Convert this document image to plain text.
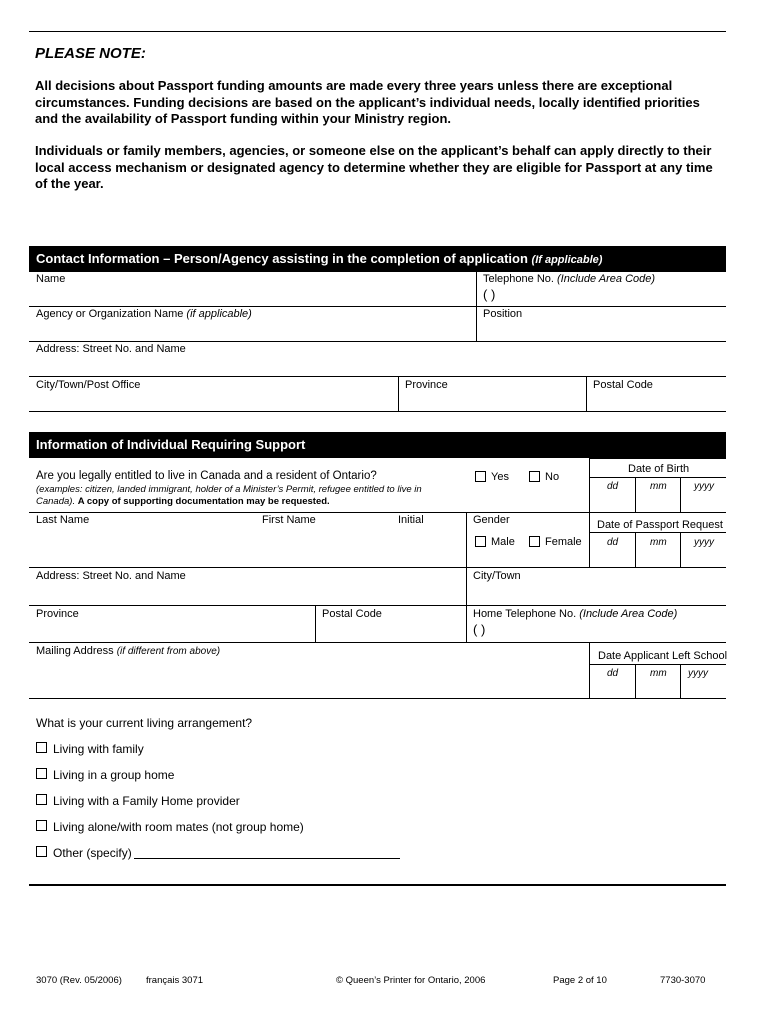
PLEASE NOTE:
All decisions about Passport funding amounts are made every three years unless there are exceptional circumstances. Funding decisions are based on the applicant’s individual needs, locally identified priorities and the availability of Passport funding within your Ministry region.
Individuals or family members, agencies, or someone else on the applicant’s behalf can apply directly to their local access mechanism or designated agency to determine whether they are eligible for Passport at any time of the year.
Contact Information – Person/Agency assisting in the completion of application (If applicable)
Name	Telephone No. (Include Area Code)
( )
Agency or Organization Name (if applicable)	Position
Address: Street No. and Name
City/Town/Post Office	Province	Postal Code
Information of Individual Requiring Support
Are you legally entitled to live in Canada and a resident of Ontario?
(examples: citizen, landed immigrant, holder of a Minister’s Permit, refugee entitled to live in Canada). A copy of supporting documentation may be requested.
Yes	No
Date of Birth
dd	mm	yyyy
Last Name	First Name	Initial	Gender
Male	Female
Date of Passport Request
dd	mm	yyyy
Address: Street No. and Name	City/Town
Province	Postal Code	Home Telephone No. (Include Area Code)
( )
Mailing Address (if different from above)	Date Applicant Left School
dd	mm yyyy
What is your current living arrangement?
Living with family
Living in a group home
Living with a Family Home provider
Living alone/with room mates (not group home)
Other (specify)
3070 (Rev. 05/2006)	français 3071	© Queen’s Printer for Ontario, 2006	Page 2 of 10	7730-3070
